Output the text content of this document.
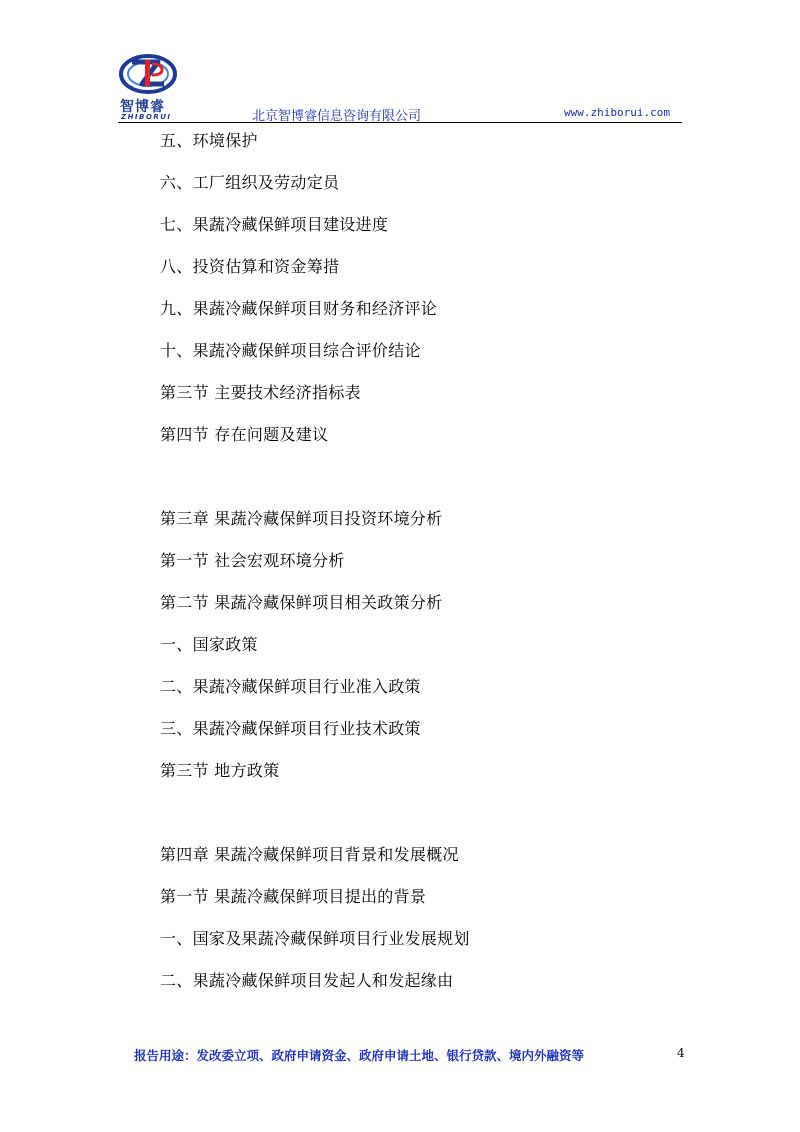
智博睿
ZHIBORUI	北京智博睿信息咨询有限公司	www.zhiborui.com
五、环境保护
六、工厂组织及劳动定员
七、果蔬冷藏保鲜项目建设进度
八、投资估算和资金筹措
九、果蔬冷藏保鲜项目财务和经济评论
十、果蔬冷藏保鲜项目综合评价结论
第三节 主要技术经济指标表
第四节 存在问题及建议
第三章 果蔬冷藏保鲜项目投资环境分析
第一节 社会宏观环境分析
第二节 果蔬冷藏保鲜项目相关政策分析
一、国家政策
二、果蔬冷藏保鲜项目行业准入政策
三、果蔬冷藏保鲜项目行业技术政策
第三节 地方政策
第四章 果蔬冷藏保鲜项目背景和发展概况
第一节 果蔬冷藏保鲜项目提出的背景
一、国家及果蔬冷藏保鲜项目行业发展规划
二、果蔬冷藏保鲜项目发起人和发起缘由
报告用途：发改委立项、政府申请资金、政府申请土地、银行贷款、境内外融资等	4
